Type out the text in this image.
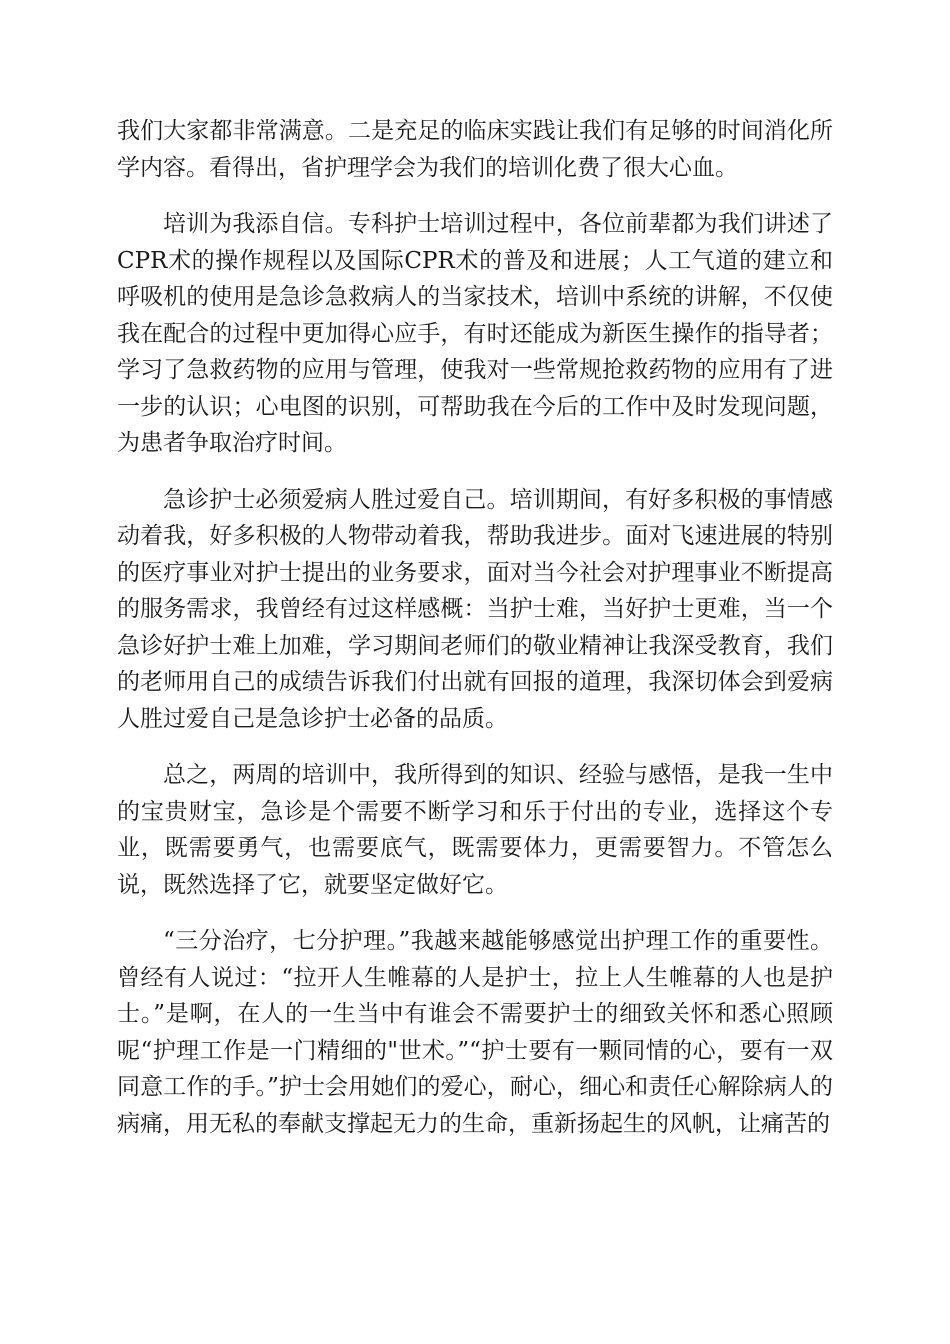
我们大家都非常满意。二是充足的临床实践让我们有足够的时间消化所学内容。看得出，省护理学会为我们的培训化费了很大心血。

培训为我添自信。专科护士培训过程中，各位前辈都为我们讲述了CPR术的操作规程以及国际CPR术的普及和进展；人工气道的建立和呼吸机的使用是急诊急救病人的当家技术，培训中系统的讲解，不仅使我在配合的过程中更加得心应手，有时还能成为新医生操作的指导者；学习了急救药物的应用与管理，使我对一些常规抢救药物的应用有了进一步的认识；心电图的识别，可帮助我在今后的工作中及时发现问题，为患者争取治疗时间。

急诊护士必须爱病人胜过爱自己。培训期间，有好多积极的事情感动着我，好多积极的人物带动着我，帮助我进步。面对飞速进展的特别的医疗事业对护士提出的业务要求，面对当今社会对护理事业不断提高的服务需求，我曾经有过这样感概：当护士难，当好护士更难，当一个急诊好护士难上加难，学习期间老师们的敬业精神让我深受教育，我们的老师用自己的成绩告诉我们付出就有回报的道理，我深切体会到爱病人胜过爱自己是急诊护士必备的品质。

总之，两周的培训中，我所得到的知识、经验与感悟，是我一生中的宝贵财宝，急诊是个需要不断学习和乐于付出的专业，选择这个专业，既需要勇气，也需要底气，既需要体力，更需要智力。不管怎么说，既然选择了它，就要坚定做好它。

“三分治疗，七分护理。”我越来越能够感觉出护理工作的重要性。曾经有人说过：“拉开人生帷幕的人是护士，拉上人生帷幕的人也是护士。”是啊，在人的一生当中有谁会不需要护士的细致关怀和悉心照顾呢“护理工作是一门精细的"世术。”“护士要有一颗同情的心，要有一双同意工作的手。”护士会用她们的爱心，耐心，细心和责任心解除病人的病痛，用无私的奉献支撑起无力的生命，重新扬起生的风帆，让痛苦的
